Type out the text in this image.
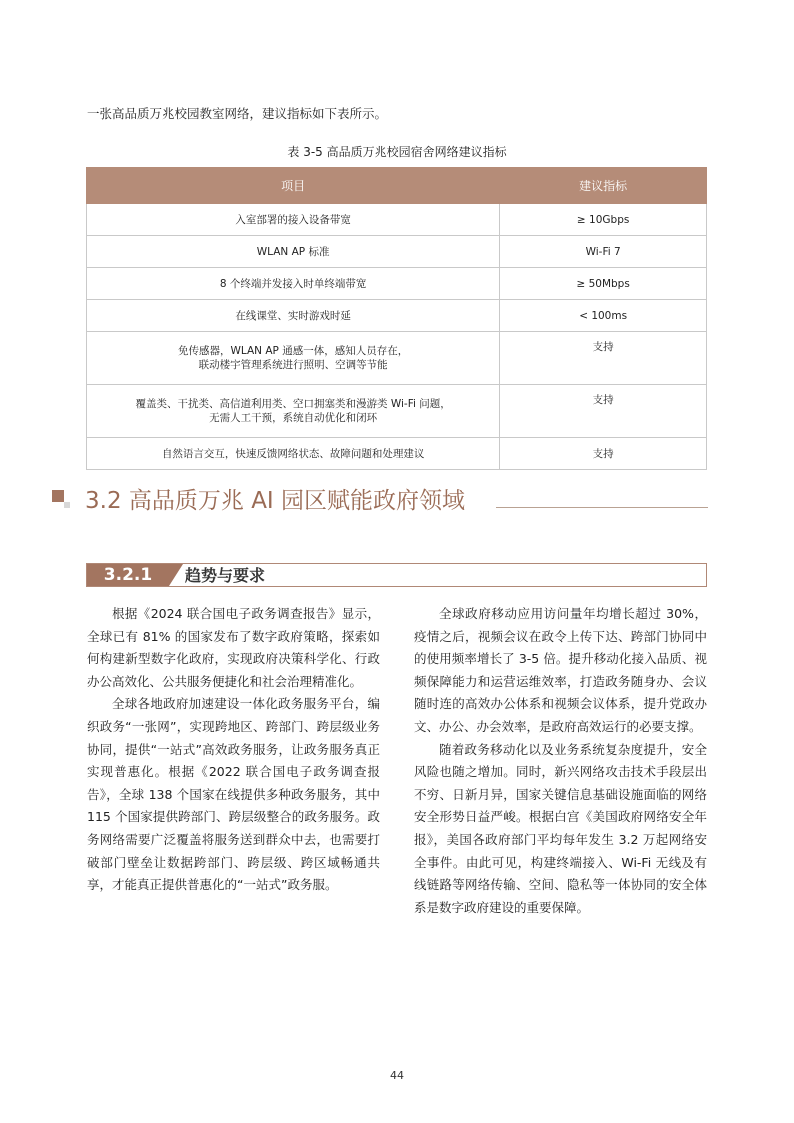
一张高品质万兆校园教室网络，建议指标如下表所示。
表 3-5 高品质万兆校园宿舍网络建议指标
项目	建议指标
入室部署的接入设备带宽	≥ 10Gbps
WLAN AP 标准	Wi-Fi 7
8 个终端并发接入时单终端带宽	≥ 50Mbps
在线课堂、实时游戏时延	< 100ms

免传感器，WLAN AP 通感一体，感知人员存在，
联动楼宇管理系统进行照明、空调等节能	支持

覆盖类、干扰类、高信道利用类、空口拥塞类和漫游类 Wi-Fi 问题，
无需人工干预，系统自动优化和闭环	支持
自然语言交互，快速反馈网络状态、故障问题和处理建议	支持
3.2 高品质万兆 AI 园区赋能政府领域
3.2.1	趋势与要求

根据《2024 联合国电子政务调查报告》显示，全球已有 81% 的国家发布了数字政府策略，探索如何构建新型数字化政府，实现政府决策科学化、行政办公高效化、公共服务便捷化和社会治理精准化。

全球各地政府加速建设一体化政务服务平台，编织政务“一张网”，实现跨地区、跨部门、跨层级业务协同，提供“一站式”高效政务服务，让政务服务真正实现普惠化。根据《2022 联合国电子政务调查报告》，全球 138 个国家在线提供多种政务服务，其中 115 个国家提供跨部门、跨层级整合的政务服务。政务网络需要广泛覆盖将服务送到群众中去，也需要打破部门壁垒让数据跨部门、跨层级、跨区域畅通共享，才能真正提供普惠化的“一站式”政务服。

全球政府移动应用访问量年均增长超过 30%，疫情之后，视频会议在政令上传下达、跨部门协同中的使用频率增长了 3-5 倍。提升移动化接入品质、视频保障能力和运营运维效率，打造政务随身办、会议随时连的高效办公体系和视频会议体系，提升党政办文、办公、办会效率，是政府高效运行的必要支撑。

随着政务移动化以及业务系统复杂度提升，安全风险也随之增加。同时，新兴网络攻击技术手段层出不穷、日新月异，国家关键信息基础设施面临的网络安全形势日益严峻。根据白宫《美国政府网络安全年报》，美国各政府部门平均每年发生 3.2 万起网络安全事件。由此可见，构建终端接入、Wi-Fi 无线及有线链路等网络传输、空间、隐私等一体协同的安全体系是数字政府建设的重要保障。

44
